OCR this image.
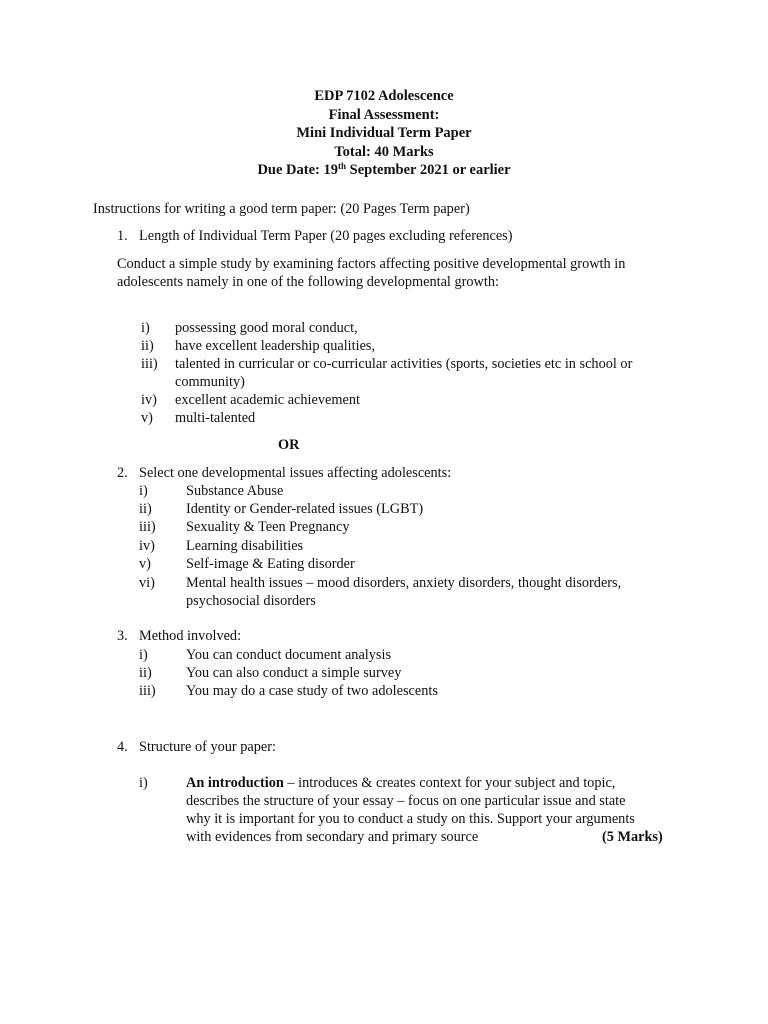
EDP 7102 Adolescence
Final Assessment:
Mini Individual Term Paper
Total: 40 Marks
Due Date: 19th September 2021 or earlier
Instructions for writing a good term paper: (20 Pages Term paper)
1. Length of Individual Term Paper (20 pages excluding references)
Conduct a simple study by examining factors affecting positive developmental growth in
adolescents namely in one of the following developmental growth:
i) possessing good moral conduct,
ii) have excellent leadership qualities,
iii) talented in curricular or co-curricular activities (sports, societies etc in school or
community)
iv) excellent academic achievement
v) multi-talented
OR
2. Select one developmental issues affecting adolescents:
i)	Substance Abuse
ii) Identity or Gender-related issues (LGBT)
iii) Sexuality & Teen Pregnancy
iv) Learning disabilities
v) Self-image & Eating disorder
vi) Mental health issues – mood disorders, anxiety disorders, thought disorders,
psychosocial disorders
3. Method involved:
i)	You can conduct document analysis
ii) You can also conduct a simple survey
iii) You may do a case study of two adolescents
4. Structure of your paper:
i)	An introduction – introduces & creates context for your subject and topic,
describes the structure of your essay – focus on one particular issue and state
why it is important for you to conduct a study on this. Support your arguments
with evidences from secondary and primary source	(5 Marks)
